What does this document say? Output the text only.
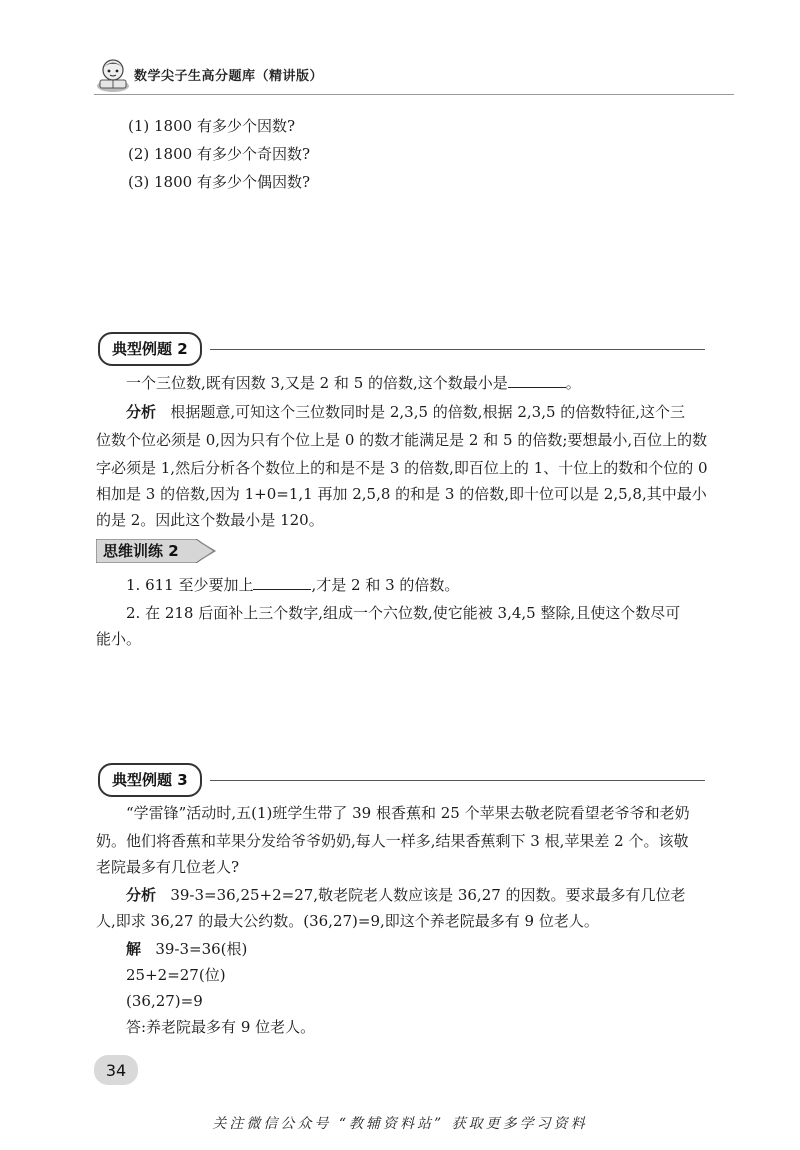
数学尖子生高分题库（精讲版）
(1) 1800 有多少个因数?
(2) 1800 有多少个奇因数?
(3) 1800 有多少个偶因数?
典型例题 2
一个三位数,既有因数 3,又是 2 和 5 的倍数,这个数最小是	。
分析 根据题意,可知这个三位数同时是 2,3,5 的倍数,根据 2,3,5 的倍数特征,这个三
位数个位必须是 0,因为只有个位上是 0 的数才能满足是 2 和 5 的倍数;要想最小,百位上的数
字必须是 1,然后分析各个数位上的和是不是 3 的倍数,即百位上的 1、十位上的数和个位的 0
相加是 3 的倍数,因为 1+0=1,1 再加 2,5,8 的和是 3 的倍数,即十位可以是 2,5,8,其中最小
的是 2。因此这个数最小是 120。
思维训练 2
1. 611 至少要加上	,才是 2 和 3 的倍数。
2. 在 218 后面补上三个数字,组成一个六位数,使它能被 3,4,5 整除,且使这个数尽可
能小。
典型例题 3
“学雷锋”活动时,五(1)班学生带了 39 根香蕉和 25 个苹果去敬老院看望老爷爷和老奶
奶。他们将香蕉和苹果分发给爷爷奶奶,每人一样多,结果香蕉剩下 3 根,苹果差 2 个。该敬
老院最多有几位老人?
分析 39-3=36,25+2=27,敬老院老人数应该是 36,27 的因数。要求最多有几位老
人,即求 36,27 的最大公约数。(36,27)=9,即这个养老院最多有 9 位老人。
解 39-3=36(根)
25+2=27(位)
(36,27)=9
答:养老院最多有 9 位老人。
34
关注微信公众号 “教辅资料站” 获取更多学习资料
